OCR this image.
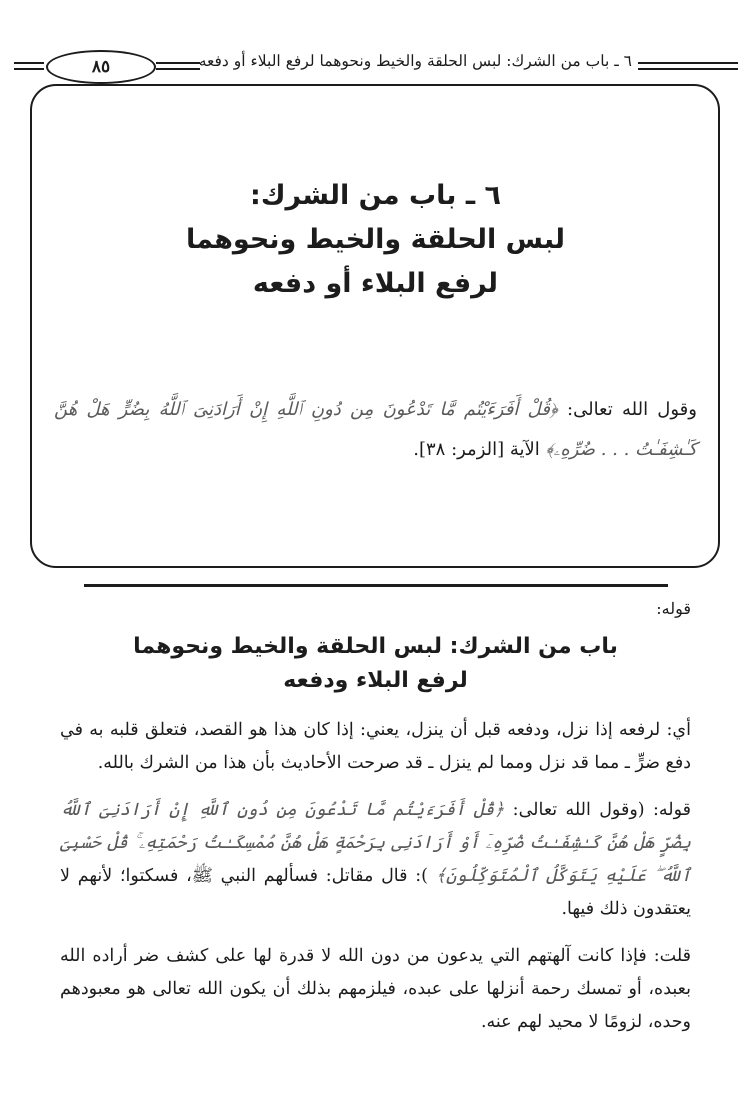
٦ ـ باب من الشرك: لبس الحلقة والخيط ونحوهما لرفع البلاء أو دفعه
٨٥
٦ ـ باب من الشرك:
لبس الحلقة والخيط ونحوهما
لرفع البلاء أو دفعه
وقول الله تعالى: ﴿قُلْ أَفَرَءَيْتُم مَّا تَدْعُونَ مِن دُونِ ٱللَّهِ إِنْ أَرَادَنِىَ ٱللَّهُ بِضُرٍّ هَلْ هُنَّ كَـٰشِفَـٰتُ . . . ضُرِّهِۦ﴾ الآية [الزمر: ٣٨].
قوله:
باب من الشرك: لبس الحلقة والخيط ونحوهما
لرفع البلاء ودفعه
أي: لرفعه إذا نزل، ودفعه قبل أن ينزل، يعني: إذا كان هذا هو القصد، فتعلق قلبه به في دفع ضرٍّ ـ مما قد نزل ومما لم ينزل ـ قد صرحت الأحاديث بأن هذا من الشرك بالله.
قوله: (وقول الله تعالى: ﴿قُلْ أَفَرَءَيْتُم مَّا تَدْعُونَ مِن دُونِ ٱللَّهِ إِنْ أَرَادَنِىَ ٱللَّهُ بِضُرٍّ هَلْ هُنَّ كَـٰشِفَـٰتُ ضُرِّهِۦٓ أَوْ أَرَادَنِى بِرَحْمَةٍ هَلْ هُنَّ مُمْسِكَـٰتُ رَحْمَتِهِۦ ۚ قُلْ حَسْبِىَ ٱللَّهُ ۖ عَلَيْهِ يَتَوَكَّلُ ٱلْمُتَوَكِّلُونَ﴾ ): قال مقاتل: فسألهم النبي ﷺ، فسكتوا؛ لأنهم لا يعتقدون ذلك فيها.
قلت: فإذا كانت آلهتهم التي يدعون من دون الله لا قدرة لها على كشف ضر أراده الله بعبده، أو تمسك رحمة أنزلها على عبده، فيلزمهم بذلك أن يكون الله تعالى هو معبودهم وحده، لزومًا لا محيد لهم عنه.
